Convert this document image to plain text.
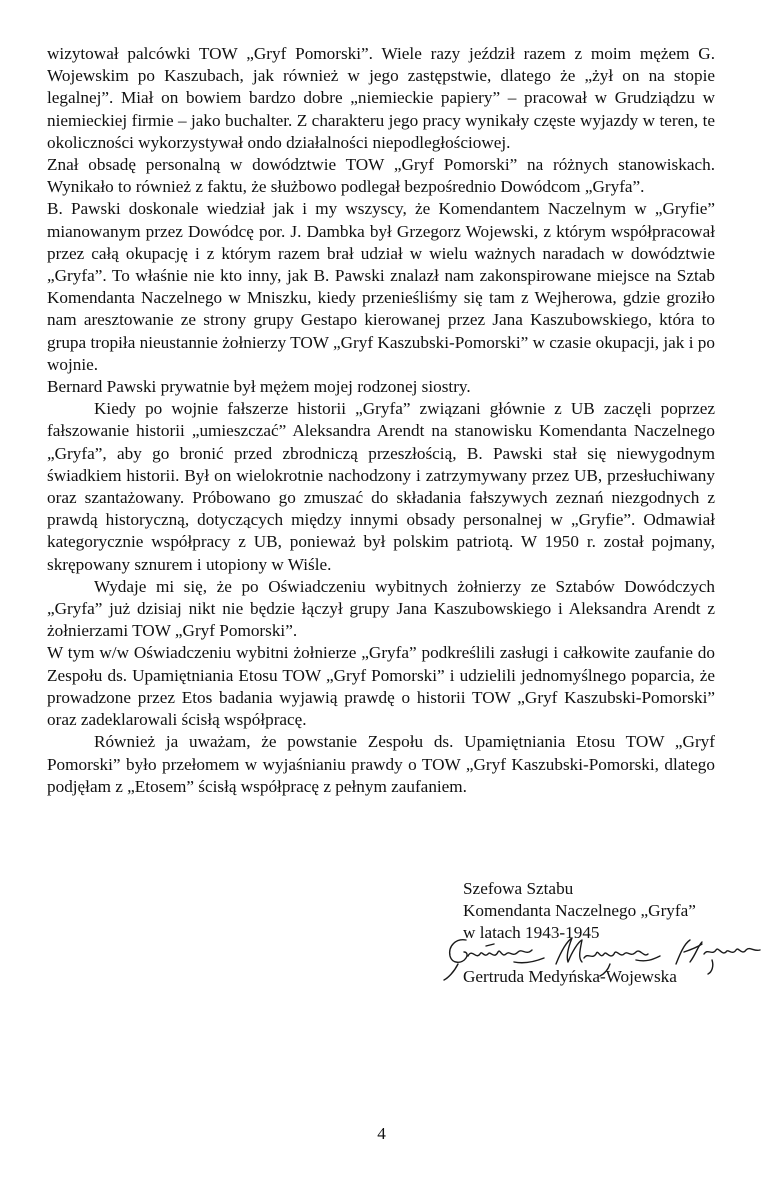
wizytował palcówki TOW „Gryf Pomorski”. Wiele razy jeździł razem z moim mężem G. Wojewskim po Kaszubach, jak również w jego zastępstwie, dlatego że „żył on na stopie legalnej”. Miał on bowiem bardzo dobre „niemieckie papiery” – pracował w Grudziądzu w niemieckiej firmie – jako buchalter. Z charakteru jego pracy wynikały częste wyjazdy w teren, te okoliczności wykorzystywał ondo działalności niepodległościowej.

Znał obsadę personalną w dowództwie TOW „Gryf Pomorski” na różnych stanowiskach. Wynikało to również z faktu, że służbowo podlegał bezpośrednio Dowódcom „Gryfa”.

B. Pawski doskonale wiedział jak i my wszyscy, że Komendantem Naczelnym w „Gryfie” mianowanym przez Dowódcę por. J. Dambka był Grzegorz Wojewski, z którym współpracował przez całą okupację i z którym razem brał udział w wielu ważnych naradach w dowództwie „Gryfa”. To właśnie nie kto inny, jak B. Pawski znalazł nam zakonspirowane miejsce na Sztab Komendanta Naczelnego w Mniszku, kiedy przenieśliśmy się tam z Wejherowa, gdzie groziło nam aresztowanie ze strony grupy Gestapo kierowanej przez Jana Kaszubowskiego, która to grupa tropiła nieustannie żołnierzy TOW „Gryf Kaszubski-Pomorski” w czasie okupacji, jak i po wojnie.

Bernard Pawski prywatnie był mężem mojej rodzonej siostry.

Kiedy po wojnie fałszerze historii „Gryfa” związani głównie z UB zaczęli poprzez fałszowanie historii „umieszczać” Aleksandra Arendt na stanowisku Komendanta Naczelnego „Gryfa”, aby go bronić przed zbrodniczą przeszłością, B. Pawski stał się niewygodnym świadkiem historii. Był on wielokrotnie nachodzony i zatrzymywany przez UB, przesłuchiwany oraz szantażowany. Próbowano go zmuszać do składania fałszywych zeznań niezgodnych z prawdą historyczną, dotyczących między innymi obsady personalnej w „Gryfie”. Odmawiał kategorycznie współpracy z UB, ponieważ był polskim patriotą. W 1950 r. został pojmany, skrępowany sznurem i utopiony w Wiśle.

Wydaje mi się, że po Oświadczeniu wybitnych żołnierzy ze Sztabów Dowódczych „Gryfa” już dzisiaj nikt nie będzie łączył grupy Jana Kaszubowskiego i Aleksandra Arendt z żołnierzami TOW „Gryf Pomorski”.

W tym w/w Oświadczeniu wybitni żołnierze „Gryfa” podkreślili zasługi i całkowite zaufanie do Zespołu ds. Upamiętniania Etosu TOW „Gryf Pomorski” i udzielili jednomyślnego poparcia, że prowadzone przez Etos badania wyjawią prawdę o historii TOW „Gryf Kaszubski-Pomorski” oraz zadeklarowali ścisłą współpracę.

Również ja uważam, że powstanie Zespołu ds. Upamiętniania Etosu TOW „Gryf Pomorski” było przełomem w wyjaśnianiu prawdy o TOW „Gryf Kaszubski-Pomorski, dlatego podjęłam z „Etosem” ścisłą współpracę z pełnym zaufaniem.

Szefowa Sztabu
Komendanta Naczelnego „Gryfa”
w latach 1943-1945
Gertruda Medyńska-Wojewska
4
